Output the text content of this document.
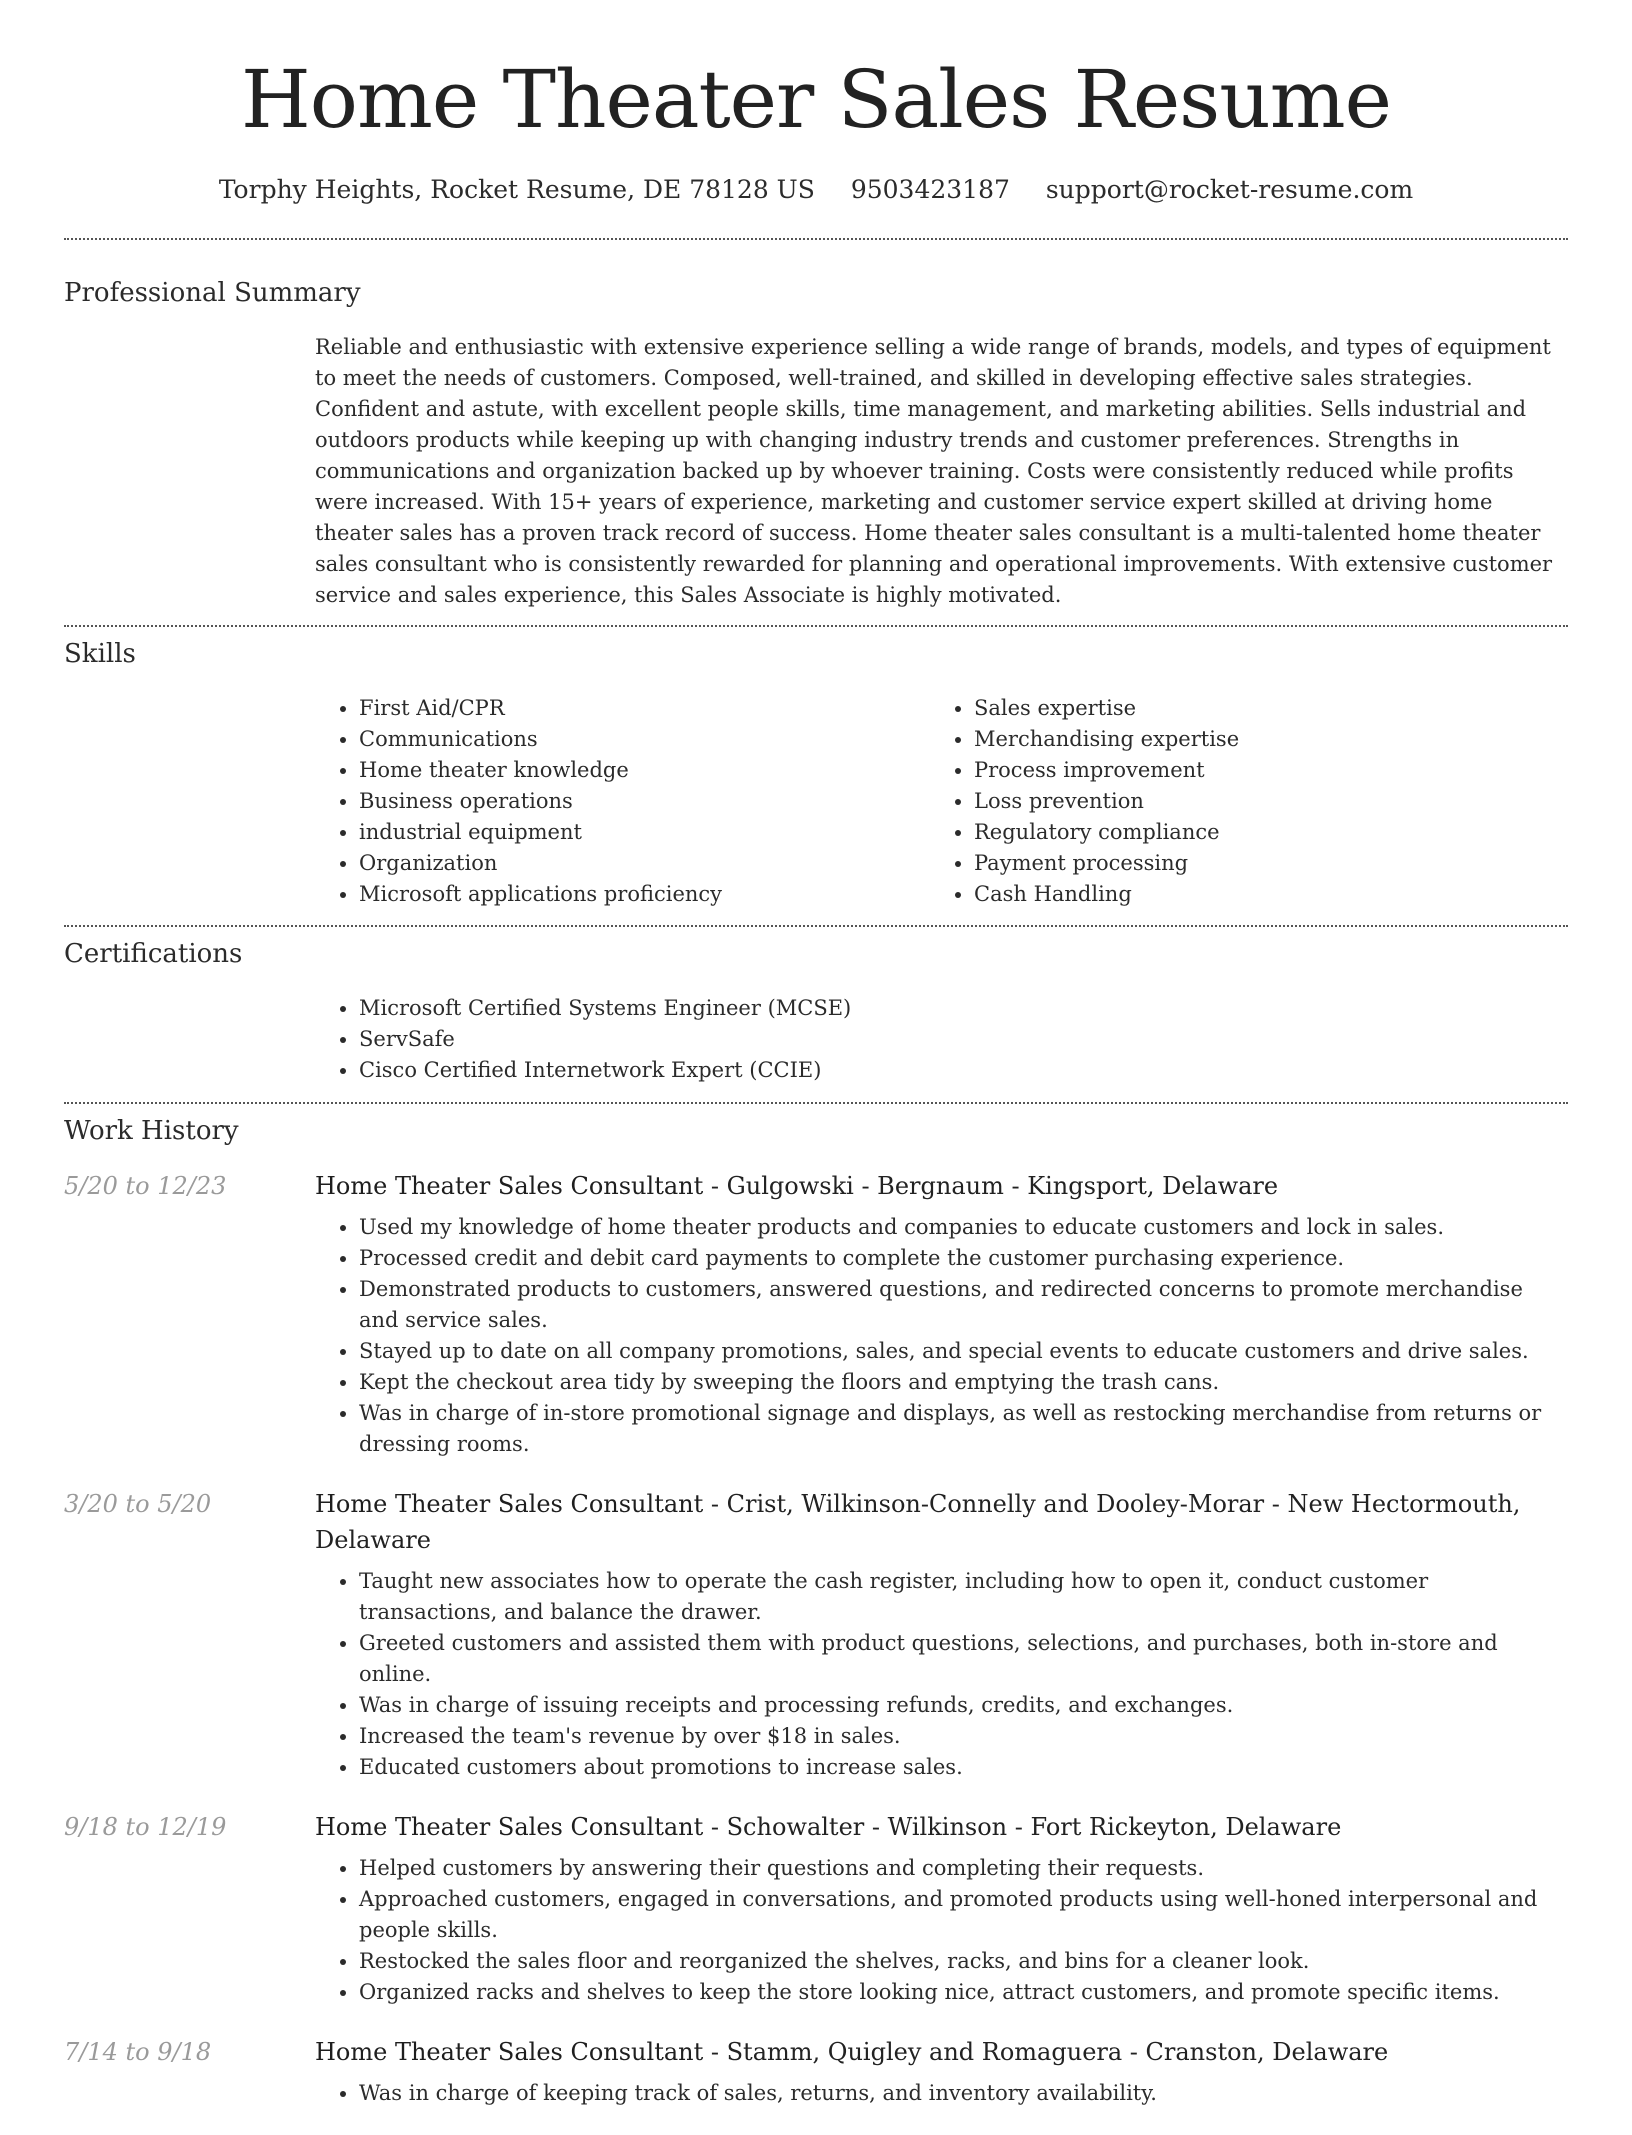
Home Theater Sales Resume
Torphy Heights, Rocket Resume, DE 78128 US 9503423187 support@rocket-resume.com
Professional Summary
Reliable and enthusiastic with extensive experience selling a wide range of brands, models, and types of equipment to meet the needs of customers. Composed, well-trained, and skilled in developing effective sales strategies. Confident and astute, with excellent people skills, time management, and marketing abilities. Sells industrial and outdoors products while keeping up with changing industry trends and customer preferences. Strengths in communications and organization backed up by whoever training. Costs were consistently reduced while profits were increased. With 15+ years of experience, marketing and customer service expert skilled at driving home theater sales has a proven track record of success. Home theater sales consultant is a multi-talented home theater sales consultant who is consistently rewarded for planning and operational improvements. With extensive customer service and sales experience, this Sales Associate is highly motivated.
Skills
• First Aid/CPR
• Communications
• Home theater knowledge
• Business operations
• industrial equipment
• Organization
• Microsoft applications proficiency
• Sales expertise
• Merchandising expertise
• Process improvement
• Loss prevention
• Regulatory compliance
• Payment processing
• Cash Handling
Certifications
• Microsoft Certified Systems Engineer (MCSE)
• ServSafe
• Cisco Certified Internetwork Expert (CCIE)
Work History
5/20 to 12/23	Home Theater Sales Consultant - Gulgowski - Bergnaum - Kingsport, Delaware
• Used my knowledge of home theater products and companies to educate customers and lock in sales.
• Processed credit and debit card payments to complete the customer purchasing experience.
• Demonstrated products to customers, answered questions, and redirected concerns to promote merchandise and service sales.
• Stayed up to date on all company promotions, sales, and special events to educate customers and drive sales.
• Kept the checkout area tidy by sweeping the floors and emptying the trash cans.
• Was in charge of in-store promotional signage and displays, as well as restocking merchandise from returns or dressing rooms.
3/20 to 5/20	Home Theater Sales Consultant - Crist, Wilkinson-Connelly and Dooley-Morar - New Hectormouth, Delaware
• Taught new associates how to operate the cash register, including how to open it, conduct customer transactions, and balance the drawer.
• Greeted customers and assisted them with product questions, selections, and purchases, both in-store and online.
• Was in charge of issuing receipts and processing refunds, credits, and exchanges.
• Increased the team's revenue by over $18 in sales.
• Educated customers about promotions to increase sales.
9/18 to 12/19	Home Theater Sales Consultant - Schowalter - Wilkinson - Fort Rickeyton, Delaware
• Helped customers by answering their questions and completing their requests.
• Approached customers, engaged in conversations, and promoted products using well-honed interpersonal and people skills.
• Restocked the sales floor and reorganized the shelves, racks, and bins for a cleaner look.
• Organized racks and shelves to keep the store looking nice, attract customers, and promote specific items.
7/14 to 9/18	Home Theater Sales Consultant - Stamm, Quigley and Romaguera - Cranston, Delaware
• Was in charge of keeping track of sales, returns, and inventory availability.
